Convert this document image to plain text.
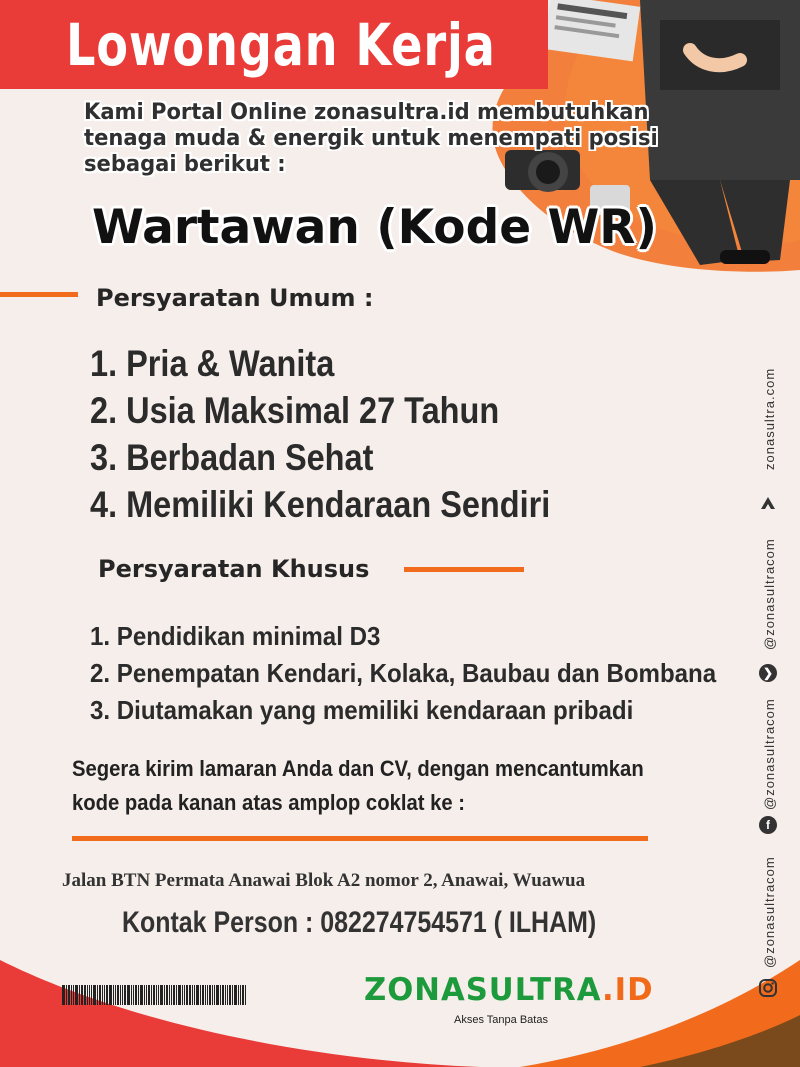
Lowongan Kerja
Kami Portal Online zonasultra.id membutuhkan
tenaga muda & energik untuk menempati posisi
sebagai berikut :
Wartawan (Kode WR)
Persyaratan Umum :
1. Pria & Wanita
2. Usia Maksimal 27 Tahun
3. Berbadan Sehat
4. Memiliki Kendaraan Sendiri
Persyaratan Khusus
1. Pendidikan minimal D3
2. Penempatan Kendari, Kolaka, Baubau dan Bombana
3. Diutamakan yang memiliki kendaraan pribadi
Segera kirim lamaran Anda dan CV, dengan mencantumkan
kode pada kanan atas amplop coklat ke :
Jalan BTN Permata Anawai Blok A2 nomor 2, Anawai, Wuawua
Kontak Person : 082274754571 ( ILHAM)
ZONASULTRA.ID
Akses Tanpa Batas
zonasultra.com
@zonasultracom
❯
@zonasultracom
f
@zonasultracom
